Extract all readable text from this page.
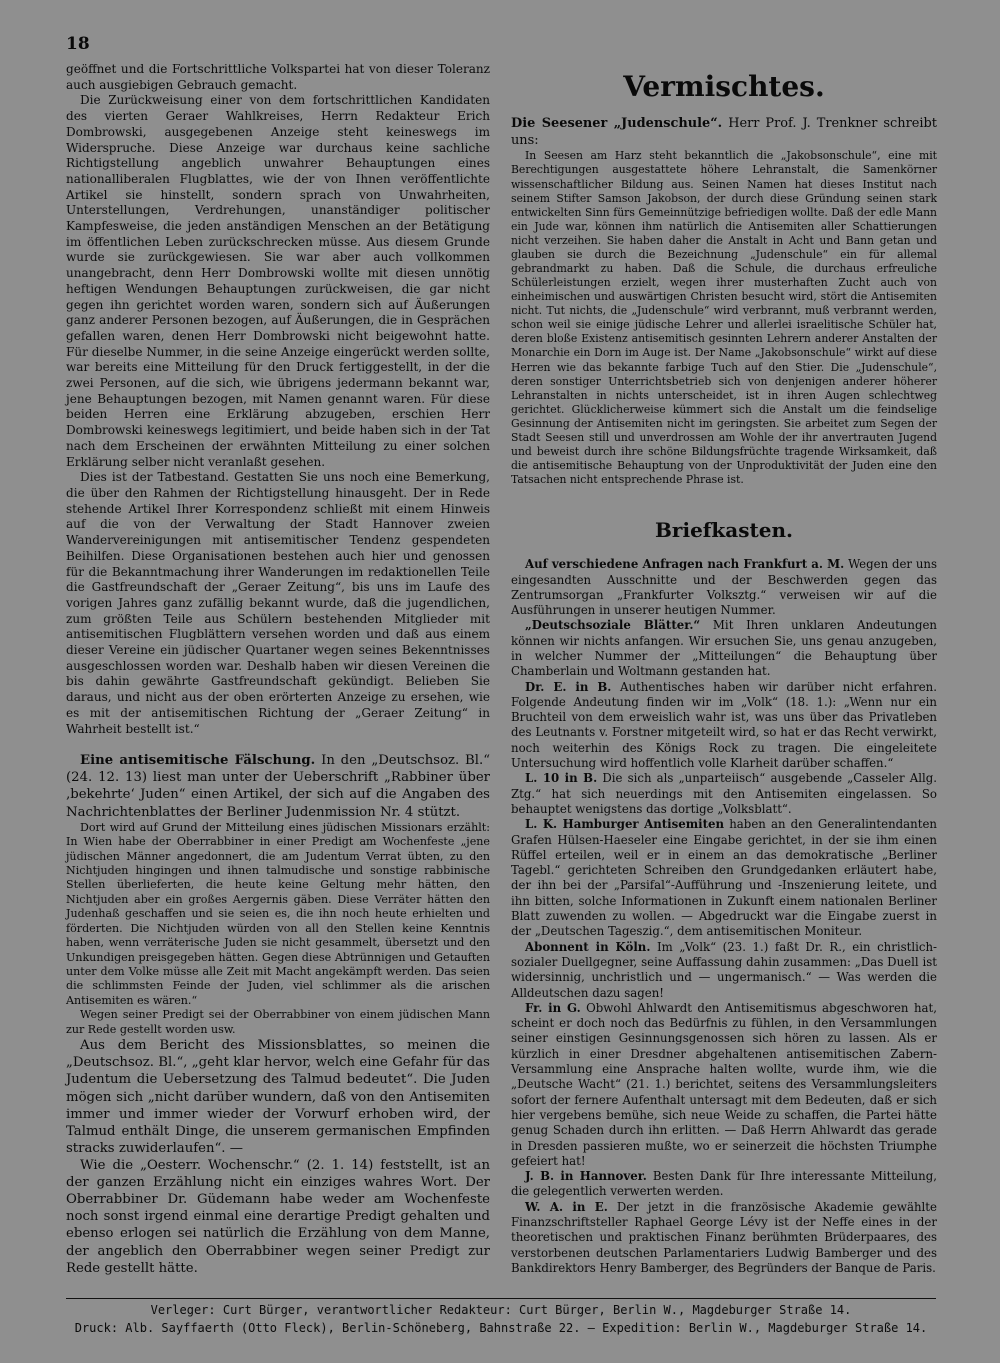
18

geöffnet und die Fortschrittliche Volkspartei hat von dieser Toleranz auch ausgiebigen Gebrauch gemacht.

Die Zurückweisung einer von dem fortschrittlichen Kandidaten des vierten Geraer Wahlkreises, Herrn Redakteur Erich Dombrowski, ausgegebenen Anzeige steht keineswegs im Widerspruche. Diese Anzeige war durchaus keine sachliche Richtigstellung angeblich unwahrer Behauptungen eines nationalliberalen Flugblattes, wie der von Ihnen veröffentlichte Artikel sie hinstellt, sondern sprach von Unwahrheiten, Unterstellungen, Verdrehungen, unanständiger politischer Kampfesweise, die jeden anständigen Menschen an der Betätigung im öffentlichen Leben zurückschrecken müsse. Aus diesem Grunde wurde sie zurückgewiesen. Sie war aber auch vollkommen unangebracht, denn Herr Dombrowski wollte mit diesen unnötig heftigen Wendungen Behauptungen zurückweisen, die gar nicht gegen ihn gerichtet worden waren, sondern sich auf Äußerungen ganz anderer Personen bezogen, auf Äußerungen, die in Gesprächen gefallen waren, denen Herr Dombrowski nicht beigewohnt hatte. Für dieselbe Nummer, in die seine Anzeige eingerückt werden sollte, war bereits eine Mitteilung für den Druck fertiggestellt, in der die zwei Personen, auf die sich, wie übrigens jedermann bekannt war, jene Behauptungen bezogen, mit Namen genannt waren. Für diese beiden Herren eine Erklärung abzugeben, erschien Herr Dombrowski keineswegs legitimiert, und beide haben sich in der Tat nach dem Erscheinen der erwähnten Mitteilung zu einer solchen Erklärung selber nicht veranlaßt gesehen.

Dies ist der Tatbestand. Gestatten Sie uns noch eine Bemerkung, die über den Rahmen der Richtigstellung hinausgeht. Der in Rede stehende Artikel Ihrer Korrespondenz schließt mit einem Hinweis auf die von der Verwaltung der Stadt Hannover zweien Wandervereinigungen mit antisemitischer Tendenz gespendeten Beihilfen. Diese Organisationen bestehen auch hier und genossen für die Bekanntmachung ihrer Wanderungen im redaktionellen Teile die Gastfreundschaft der „Geraer Zeitung“, bis uns im Laufe des vorigen Jahres ganz zufällig bekannt wurde, daß die jugendlichen, zum größten Teile aus Schülern bestehenden Mitglieder mit antisemitischen Flugblättern versehen worden und daß aus einem dieser Vereine ein jüdischer Quartaner wegen seines Bekenntnisses ausgeschlossen worden war. Deshalb haben wir diesen Vereinen die bis dahin gewährte Gastfreundschaft gekündigt. Belieben Sie daraus, und nicht aus der oben erörterten Anzeige zu ersehen, wie es mit der antisemitischen Richtung der „Geraer Zeitung“ in Wahrheit bestellt ist.“

Eine antisemitische Fälschung. In den „Deutschsoz. Bl.“ (24. 12. 13) liest man unter der Ueberschrift „Rabbiner über ‚bekehrte‘ Juden“ einen Artikel, der sich auf die Angaben des Nachrichtenblattes der Berliner Judenmission Nr. 4 stützt.

Dort wird auf Grund der Mitteilung eines jüdischen Missionars erzählt: In Wien habe der Oberrabbiner in einer Predigt am Wochenfeste „jene jüdischen Männer angedonnert, die am Judentum Verrat übten, zu den Nichtjuden hingingen und ihnen talmudische und sonstige rabbinische Stellen überlieferten, die heute keine Geltung mehr hätten, den Nichtjuden aber ein großes Aergernis gäben. Diese Verräter hätten den Judenhaß geschaffen und sie seien es, die ihn noch heute erhielten und förderten. Die Nichtjuden würden von all den Stellen keine Kenntnis haben, wenn verräterische Juden sie nicht gesammelt, übersetzt und den Unkundigen preisgegeben hätten. Gegen diese Abtrünnigen und Getauften unter dem Volke müsse alle Zeit mit Macht angekämpft werden. Das seien die schlimmsten Feinde der Juden, viel schlimmer als die arischen Antisemiten es wären.“

Wegen seiner Predigt sei der Oberrabbiner von einem jüdischen Mann zur Rede gestellt worden usw.

Aus dem Bericht des Missionsblattes, so meinen die „Deutschsoz. Bl.“, „geht klar hervor, welch eine Gefahr für das Judentum die Uebersetzung des Talmud bedeutet“. Die Juden mögen sich „nicht darüber wundern, daß von den Antisemiten immer und immer wieder der Vorwurf erhoben wird, der Talmud enthält Dinge, die unserem germanischen Empfinden stracks zuwiderlaufen“. —

Wie die „Oesterr. Wochenschr.“ (2. 1. 14) feststellt, ist an der ganzen Erzählung nicht ein einziges wahres Wort. Der Oberrabbiner Dr. Güdemann habe weder am Wochenfeste noch sonst irgend einmal eine derartige Predigt gehalten und ebenso erlogen sei natürlich die Erzählung von dem Manne, der angeblich den Oberrabbiner wegen seiner Predigt zur Rede gestellt hätte.

Vermischtes.

Die Seesener „Judenschule“. Herr Prof. J. Trenkner schreibt uns:

In Seesen am Harz steht bekanntlich die „Jakobsonschule“, eine mit Berechtigungen ausgestattete höhere Lehranstalt, die Samenkörner wissenschaftlicher Bildung aus. Seinen Namen hat dieses Institut nach seinem Stifter Samson Jakobson, der durch diese Gründung seinen stark entwickelten Sinn fürs Gemeinnützige befriedigen wollte. Daß der edle Mann ein Jude war, können ihm natürlich die Antisemiten aller Schattierungen nicht verzeihen. Sie haben daher die Anstalt in Acht und Bann getan und glauben sie durch die Bezeichnung „Judenschule“ ein für allemal gebrandmarkt zu haben. Daß die Schule, die durchaus erfreuliche Schülerleistungen erzielt, wegen ihrer musterhaften Zucht auch von einheimischen und auswärtigen Christen besucht wird, stört die Antisemiten nicht. Tut nichts, die „Judenschule“ wird verbrannt, muß verbrannt werden, schon weil sie einige jüdische Lehrer und allerlei israelitische Schüler hat, deren bloße Existenz antisemitisch gesinnten Lehrern anderer Anstalten der Monarchie ein Dorn im Auge ist. Der Name „Jakobsonschule“ wirkt auf diese Herren wie das bekannte farbige Tuch auf den Stier. Die „Judenschule“, deren sonstiger Unterrichtsbetrieb sich von denjenigen anderer höherer Lehranstalten in nichts unterscheidet, ist in ihren Augen schlechtweg gerichtet. Glücklicherweise kümmert sich die Anstalt um die feindselige Gesinnung der Antisemiten nicht im geringsten. Sie arbeitet zum Segen der Stadt Seesen still und unverdrossen am Wohle der ihr anvertrauten Jugend und beweist durch ihre schöne Bildungsfrüchte tragende Wirksamkeit, daß die antisemitische Behauptung von der Unproduktivität der Juden eine den Tatsachen nicht entsprechende Phrase ist.

Briefkasten.

Auf verschiedene Anfragen nach Frankfurt a. M. Wegen der uns eingesandten Ausschnitte und der Beschwerden gegen das Zentrumsorgan „Frankfurter Volksztg.“ verweisen wir auf die Ausführungen in unserer heutigen Nummer.

„Deutschsoziale Blätter.“ Mit Ihren unklaren Andeutungen können wir nichts anfangen. Wir ersuchen Sie, uns genau anzugeben, in welcher Nummer der „Mitteilungen“ die Behauptung über Chamberlain und Woltmann gestanden hat.

Dr. E. in B. Authentisches haben wir darüber nicht erfahren. Folgende Andeutung finden wir im „Volk“ (18. 1.): „Wenn nur ein Bruchteil von dem erweislich wahr ist, was uns über das Privatleben des Leutnants v. Forstner mitgeteilt wird, so hat er das Recht verwirkt, noch weiterhin des Königs Rock zu tragen. Die eingeleitete Untersuchung wird hoffentlich volle Klarheit darüber schaffen.“

L. 10 in B. Die sich als „unparteiisch“ ausgebende „Casseler Allg. Ztg.“ hat sich neuerdings mit den Antisemiten eingelassen. So behauptet wenigstens das dortige „Volksblatt“.

L. K. Hamburger Antisemiten haben an den Generalintendanten Grafen Hülsen-Haeseler eine Eingabe gerichtet, in der sie ihm einen Rüffel erteilen, weil er in einem an das demokratische „Berliner Tagebl.“ gerichteten Schreiben den Grundgedanken erläutert habe, der ihn bei der „Parsifal“-Aufführung und -Inszenierung leitete, und ihn bitten, solche Informationen in Zukunft einem nationalen Berliner Blatt zuwenden zu wollen. — Abgedruckt war die Eingabe zuerst in der „Deutschen Tageszig.“, dem antisemitischen Moniteur.

Abonnent in Köln. Im „Volk“ (23. 1.) faßt Dr. R., ein christlich-sozialer Duellgegner, seine Auffassung dahin zusammen: „Das Duell ist widersinnig, unchristlich und — ungermanisch.“ — Was werden die Alldeutschen dazu sagen!

Fr. in G. Obwohl Ahlwardt den Antisemitismus abgeschworen hat, scheint er doch noch das Bedürfnis zu fühlen, in den Versammlungen seiner einstigen Gesinnungsgenossen sich hören zu lassen. Als er kürzlich in einer Dresdner abgehaltenen antisemitischen Zabern-Versammlung eine Ansprache halten wollte, wurde ihm, wie die „Deutsche Wacht“ (21. 1.) berichtet, seitens des Versammlungsleiters sofort der fernere Aufenthalt untersagt mit dem Bedeuten, daß er sich hier vergebens bemühe, sich neue Weide zu schaffen, die Partei hätte genug Schaden durch ihn erlitten. — Daß Herrn Ahlwardt das gerade in Dresden passieren mußte, wo er seinerzeit die höchsten Triumphe gefeiert hat!

J. B. in Hannover. Besten Dank für Ihre interessante Mitteilung, die gelegentlich verwerten werden.

W. A. in E. Der jetzt in die französische Akademie gewählte Finanzschriftsteller Raphael George Lévy ist der Neffe eines in der theoretischen und praktischen Finanz berühmten Brüderpaares, des verstorbenen deutschen Parlamentariers Ludwig Bamberger und des Bankdirektors Henry Bamberger, des Begründers der Banque de Paris.

Verleger: Curt Bürger, verantwortlicher Redakteur: Curt Bürger, Berlin W., Magdeburger Straße 14.
Druck: Alb. Sayffaerth (Otto Fleck), Berlin-Schöneberg, Bahnstraße 22. — Expedition: Berlin W., Magdeburger Straße 14.
